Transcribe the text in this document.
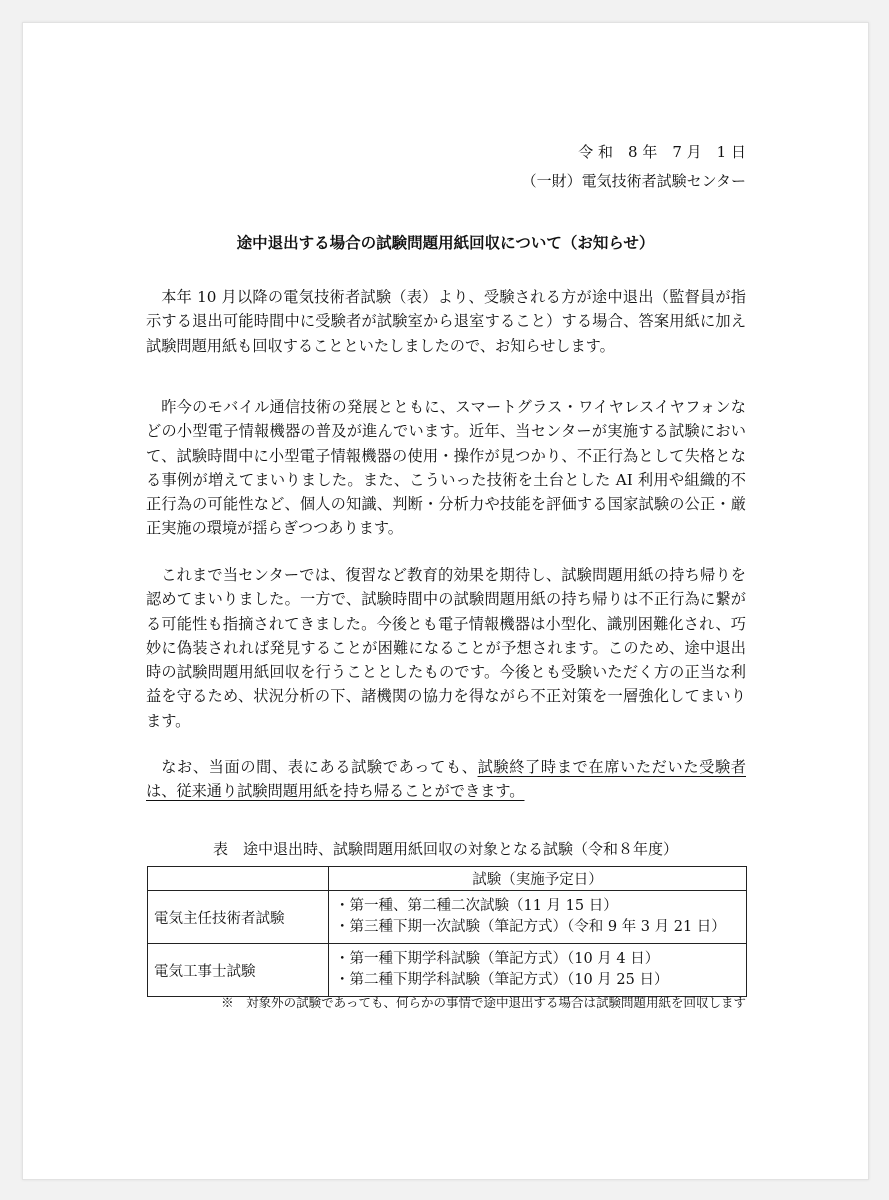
令 和　8 年　7 月　1 日
（一財）電気技術者試験センター
途中退出する場合の試験問題用紙回収について（お知らせ）

本年 10 月以降の電気技術者試験（表）より、受験される方が途中退出（監督員が指示する退出可能時間中に受験者が試験室から退室すること）する場合、答案用紙に加え試験問題用紙も回収することといたしましたので、お知らせします。

昨今のモバイル通信技術の発展とともに、スマートグラス・ワイヤレスイヤフォンなどの小型電子情報機器の普及が進んでいます。近年、当センターが実施する試験において、試験時間中に小型電子情報機器の使用・操作が見つかり、不正行為として失格となる事例が増えてまいりました。また、こういった技術を土台とした AI 利用や組織的不正行為の可能性など、個人の知識、判断・分析力や技能を評価する国家試験の公正・厳正実施の環境が揺らぎつつあります。

これまで当センターでは、復習など教育的効果を期待し、試験問題用紙の持ち帰りを認めてまいりました。一方で、試験時間中の試験問題用紙の持ち帰りは不正行為に繋がる可能性も指摘されてきました。今後とも電子情報機器は小型化、識別困難化され、巧妙に偽装されれば発見することが困難になることが予想されます。このため、途中退出時の試験問題用紙回収を行うこととしたものです。今後とも受験いただく方の正当な利益を守るため、状況分析の下、諸機関の協力を得ながら不正対策を一層強化してまいります。

なお、当面の間、表にある試験であっても、試験終了時まで在席いただいた受験者は、従来通り試験問題用紙を持ち帰ることができます。

表　途中退出時、試験問題用紙回収の対象となる試験（令和８年度）
	試験（実施予定日）
電気主任技術者試験	・第一種、第二種二次試験（11 月 15 日）
・第三種下期一次試験（筆記方式）（令和 9 年 3 月 21 日）

電気工事士試験	・第一種下期学科試験（筆記方式）（10 月 4 日）
・第二種下期学科試験（筆記方式）（10 月 25 日）
※　対象外の試験であっても、何らかの事情で途中退出する場合は試験問題用紙を回収します
